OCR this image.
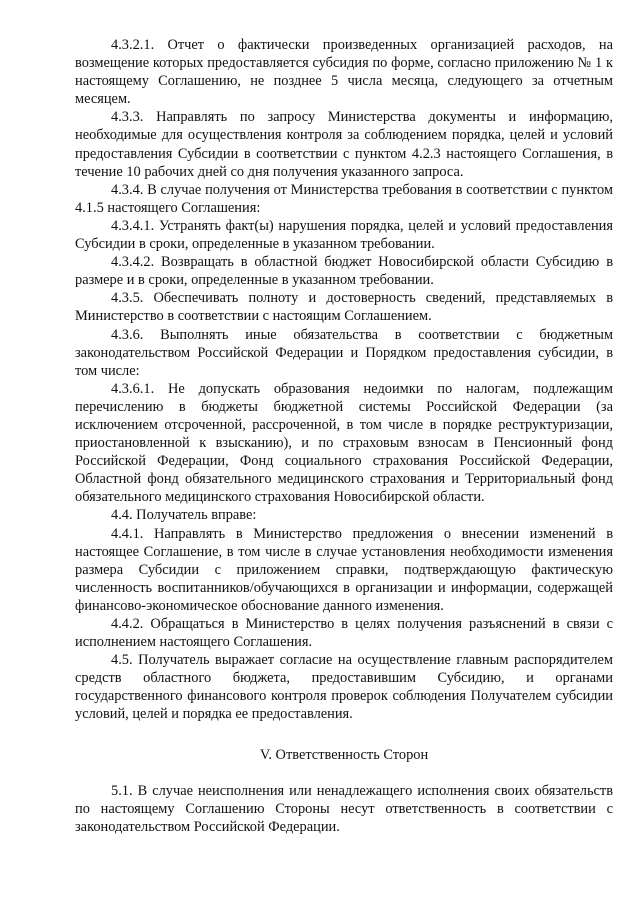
4.3.2.1. Отчет о фактически произведенных организацией расходов, на возмещение которых предоставляется субсидия по форме, согласно приложению № 1 к настоящему Соглашению, не позднее 5 числа месяца, следующего за отчетным месяцем.

4.3.3. Направлять по запросу Министерства документы и информацию, необходимые для осуществления контроля за соблюдением порядка, целей и условий предоставления Субсидии в соответствии с пунктом 4.2.3 настоящего Соглашения, в течение 10 рабочих дней со дня получения указанного запроса.

4.3.4. В случае получения от Министерства требования в соответствии с пунктом 4.1.5 настоящего Соглашения:

4.3.4.1. Устранять факт(ы) нарушения порядка, целей и условий предоставления Субсидии в сроки, определенные в указанном требовании.

4.3.4.2. Возвращать в областной бюджет Новосибирской области Субсидию в размере и в сроки, определенные в указанном требовании.

4.3.5. Обеспечивать полноту и достоверность сведений, представляемых в Министерство в соответствии с настоящим Соглашением.

4.3.6. Выполнять иные обязательства в соответствии с бюджетным законодательством Российской Федерации и Порядком предоставления субсидии, в том числе:

4.3.6.1. Не допускать образования недоимки по налогам, подлежащим перечислению в бюджеты бюджетной системы Российской Федерации (за исключением отсроченной, рассроченной, в том числе в порядке реструктуризации, приостановленной к взысканию), и по страховым взносам в Пенсионный фонд Российской Федерации, Фонд социального страхования Российской Федерации, Областной фонд обязательного медицинского страхования и Территориальный фонд обязательного медицинского страхования Новосибирской области.

4.4. Получатель вправе:

4.4.1. Направлять в Министерство предложения о внесении изменений в настоящее Соглашение, в том числе в случае установления необходимости изменения размера Субсидии с приложением справки, подтверждающую фактическую численность воспитанников/обучающихся в организации и информации, содержащей финансово-экономическое обоснование данного изменения.

4.4.2. Обращаться в Министерство в целях получения разъяснений в связи с исполнением настоящего Соглашения.

4.5. Получатель выражает согласие на осуществление главным распорядителем средств областного бюджета, предоставившим Субсидию, и органами государственного финансового контроля проверок соблюдения Получателем субсидии условий, целей и порядка ее предоставления.

V. Ответственность Сторон

5.1. В случае неисполнения или ненадлежащего исполнения своих обязательств по настоящему Соглашению Стороны несут ответственность в соответствии с законодательством Российской Федерации.
